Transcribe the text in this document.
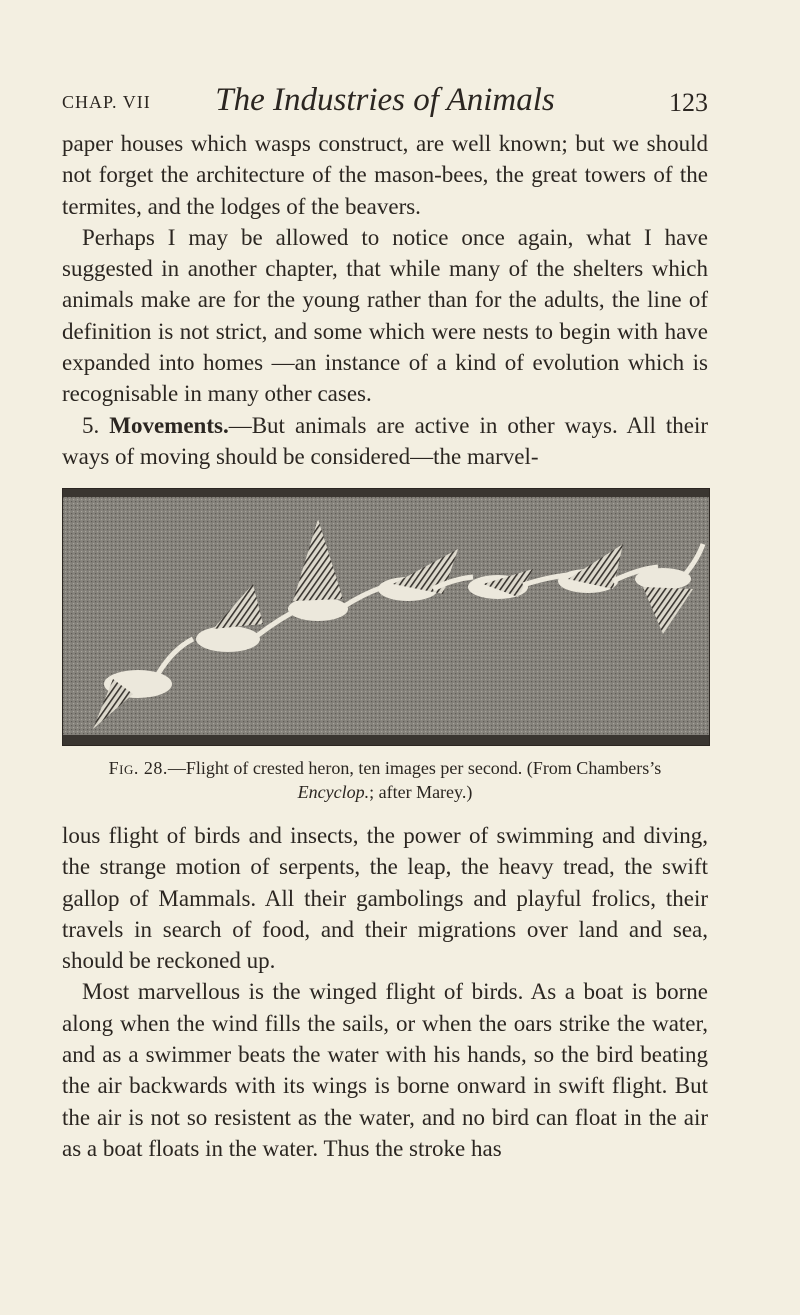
CHAP. VII	The Industries of Animals	123

paper houses which wasps construct, are well known; but we should not forget the architecture of the mason-bees, the great towers of the termites, and the lodges of the beavers.

Perhaps I may be allowed to notice once again, what I have suggested in another chapter, that while many of the shelters which animals make are for the young rather than for the adults, the line of definition is not strict, and some which were nests to begin with have expanded into homes —an instance of a kind of evolution which is recognisable in many other cases.

5. Movements.—But animals are active in other ways. All their ways of moving should be considered—the marvel-

Fig. 28.—Flight of crested heron, ten images per second. (From Chambers’s
Encyclop.; after Marey.)

lous flight of birds and insects, the power of swimming and diving, the strange motion of serpents, the leap, the heavy tread, the swift gallop of Mammals. All their gambolings and playful frolics, their travels in search of food, and their migrations over land and sea, should be reckoned up.

Most marvellous is the winged flight of birds. As a boat is borne along when the wind fills the sails, or when the oars strike the water, and as a swimmer beats the water with his hands, so the bird beating the air backwards with its wings is borne onward in swift flight. But the air is not so resistent as the water, and no bird can float in the air as a boat floats in the water. Thus the stroke has
